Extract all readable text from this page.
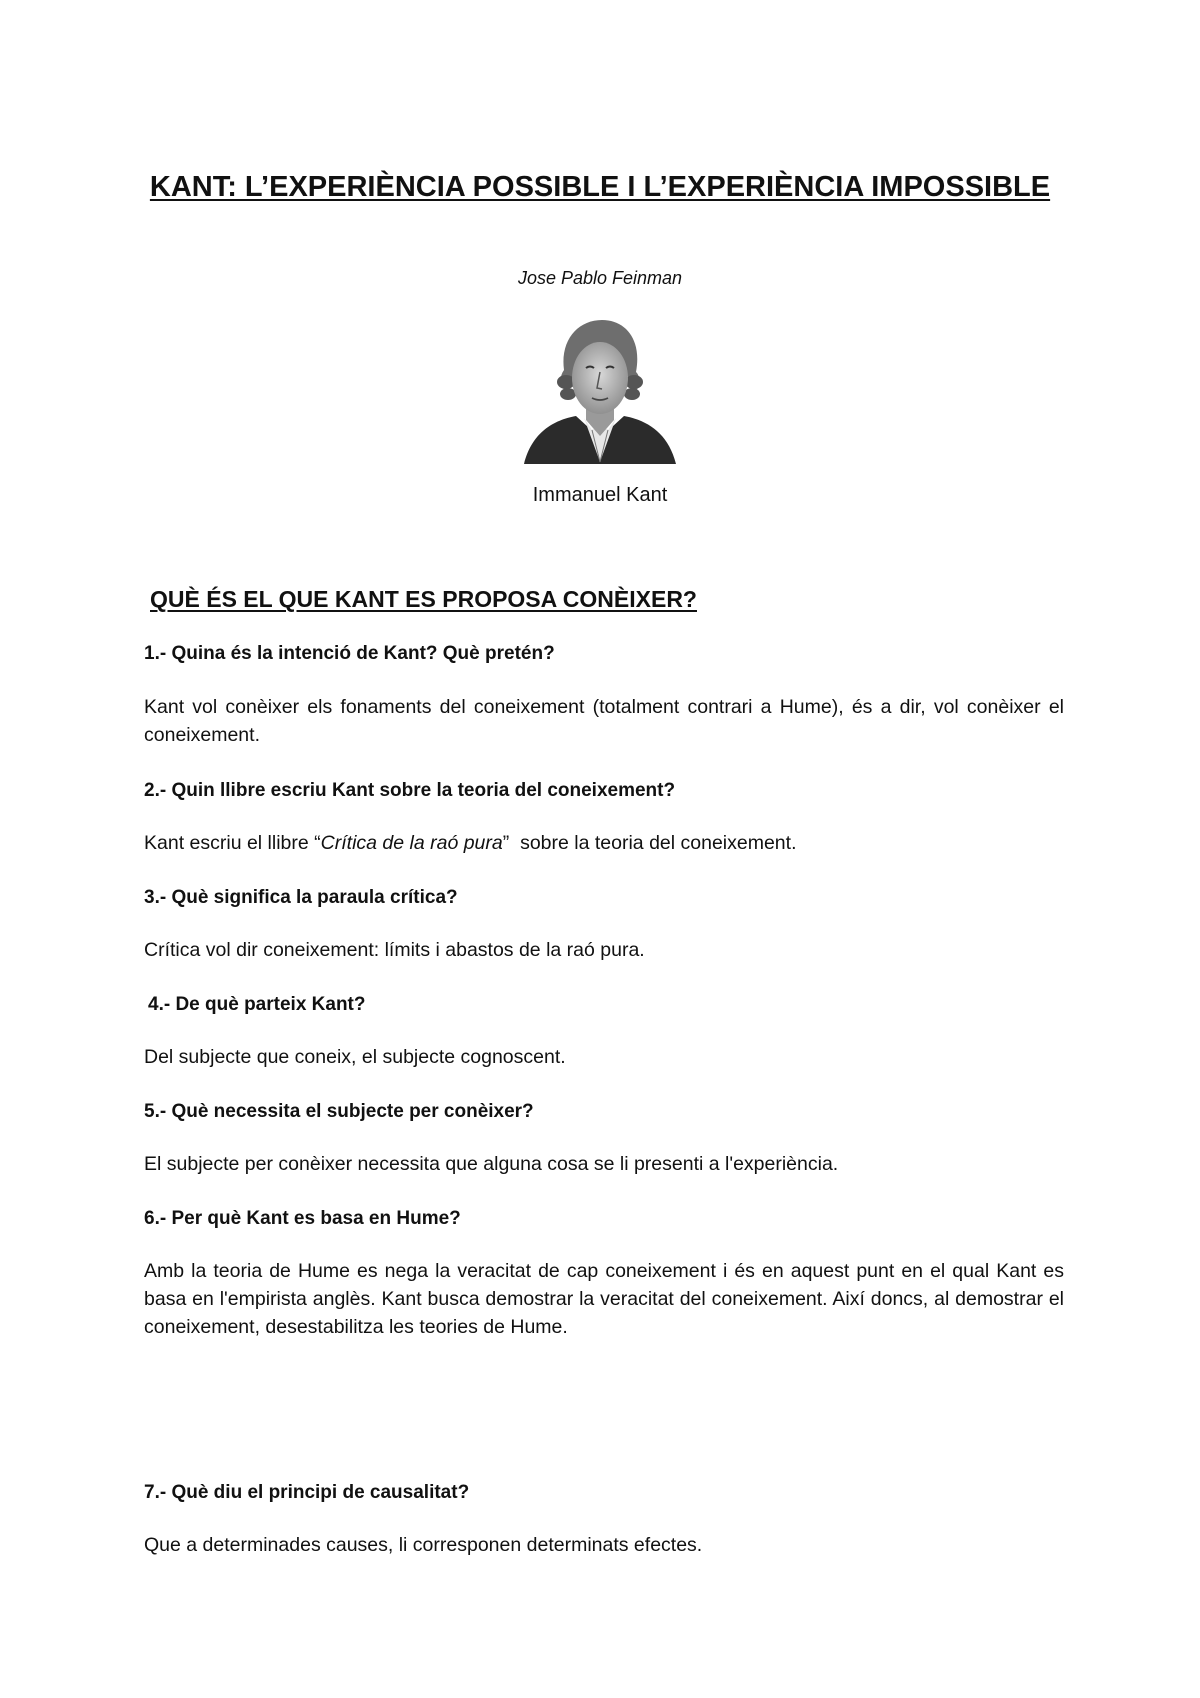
KANT: L’EXPERIÈNCIA POSSIBLE I L’EXPERIÈNCIA IMPOSSIBLE
Jose Pablo Feinman
Immanuel Kant
QUÈ ÉS EL QUE KANT ES PROPOSA CONÈIXER?
1.- Quina és la intenció de Kant? Què pretén?
Kant vol conèixer els fonaments del coneixement (totalment contrari a Hume), és a dir, vol conèixer el coneixement.
2.- Quin llibre escriu Kant sobre la teoria del coneixement?
Kant escriu el llibre “Crítica de la raó pura”  sobre la teoria del coneixement.
3.- Què significa la paraula crítica?
Crítica vol dir coneixement: límits i abastos de la raó pura.
4.- De què parteix Kant?
Del subjecte que coneix, el subjecte cognoscent.
5.- Què necessita el subjecte per conèixer?
El subjecte per conèixer necessita que alguna cosa se li presenti a l'experiència.
6.- Per què Kant es basa en Hume?
Amb la teoria de Hume es nega la veracitat de cap coneixement i és en aquest punt en el qual Kant es basa en l'empirista anglès. Kant busca demostrar la veracitat del coneixement. Així doncs, al demostrar el coneixement, desestabilitza les teories de Hume.
7.- Què diu el principi de causalitat?
Que a determinades causes, li corresponen determinats efectes.
